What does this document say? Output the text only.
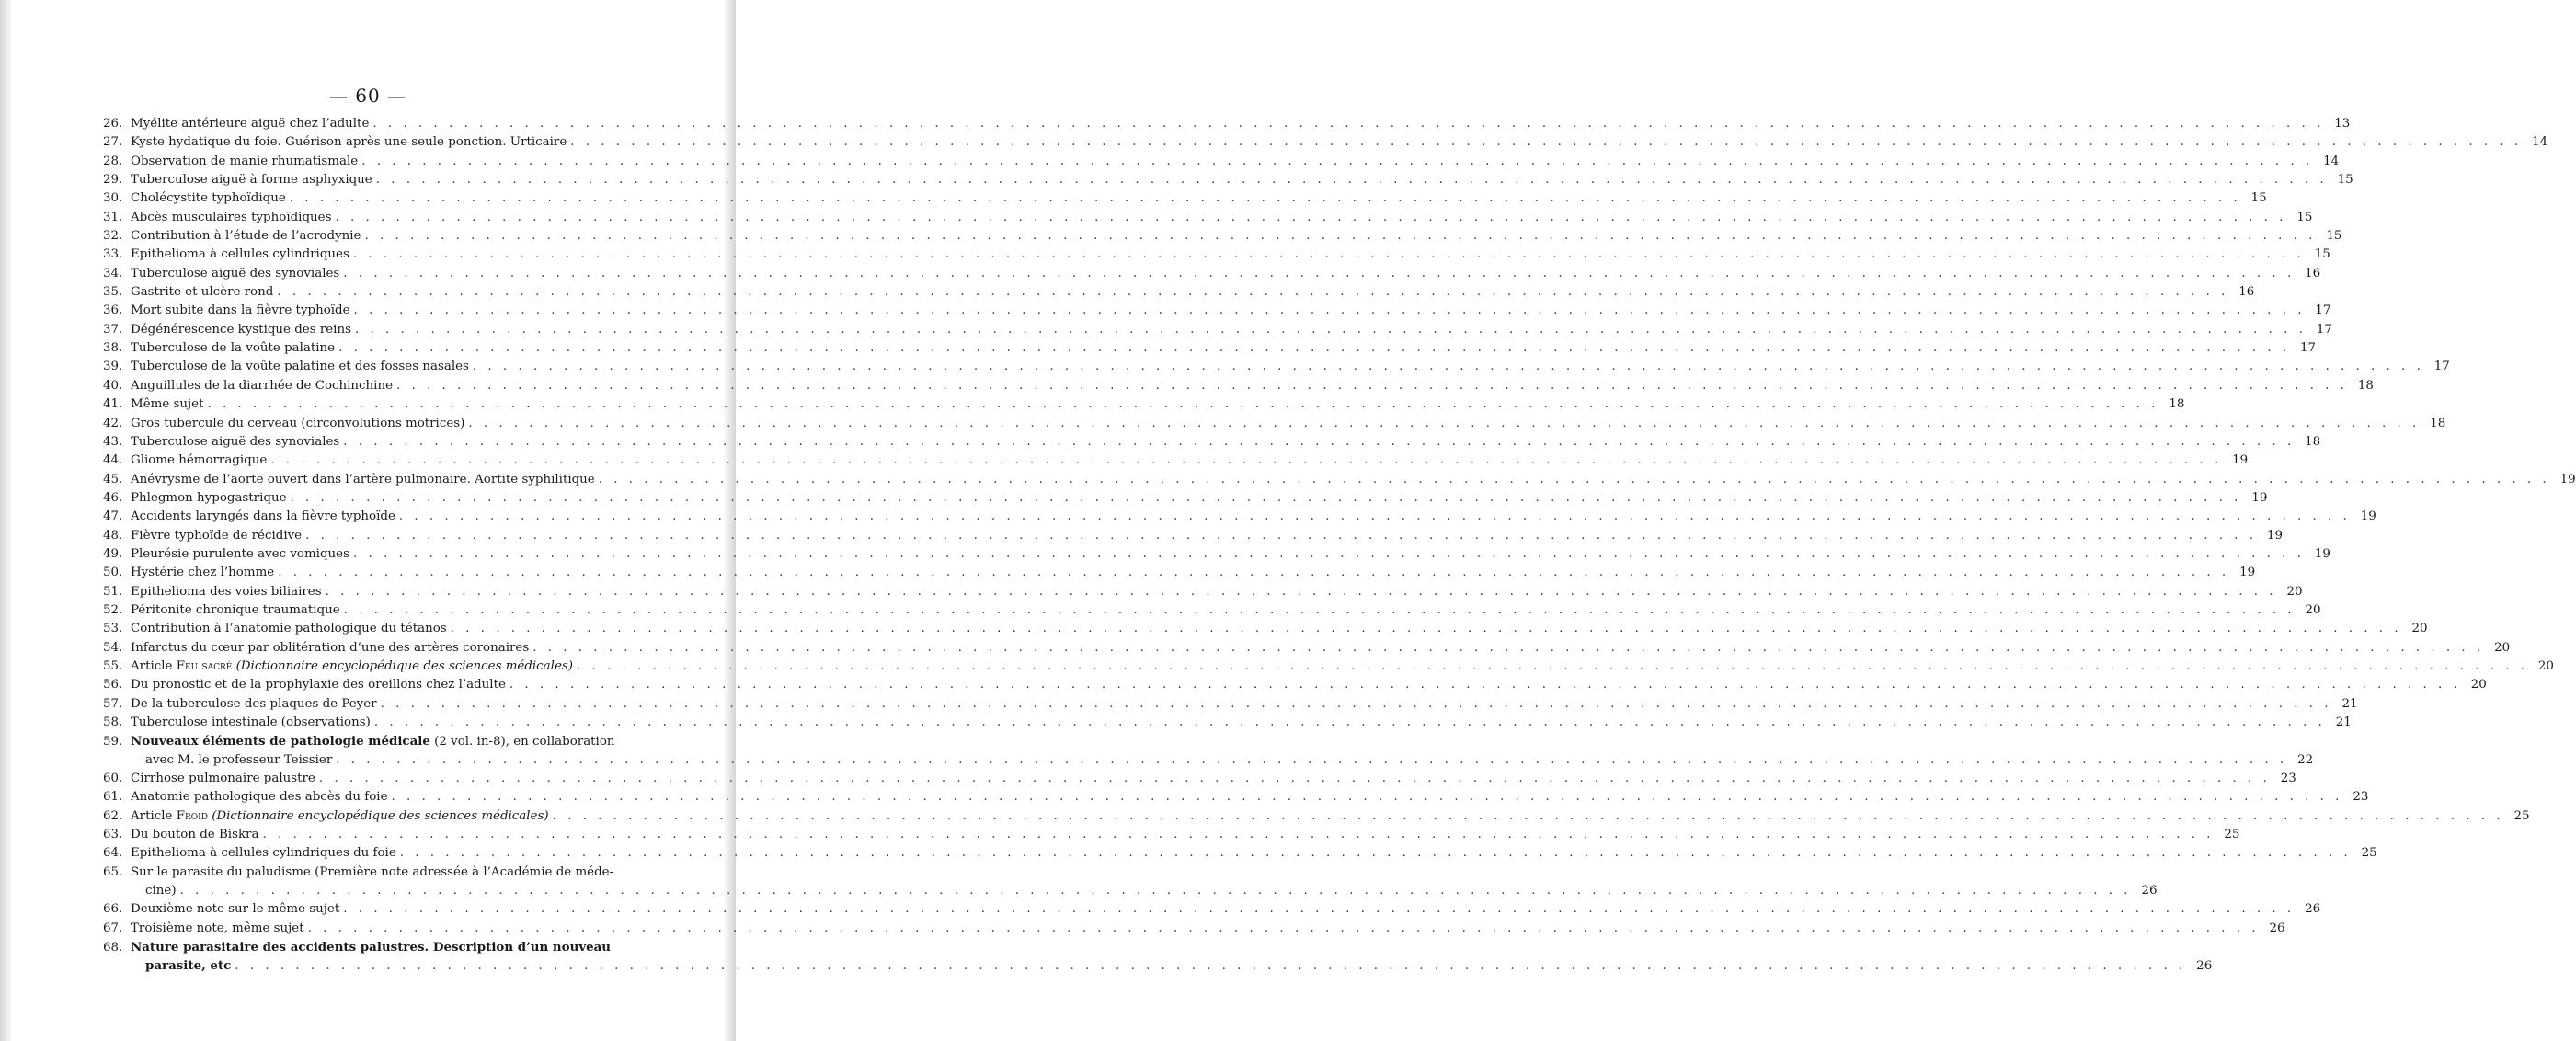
— 60 —
26. Myélite antérieure aiguë chez l’adulte . . .	13
27. Kyste hydatique du foie. Guérison après une seule ponction. Urticaire . . .	14
28. Observation de manie rhumatismale . . .	14
29. Tuberculose aiguë à forme asphyxique . . .	15
30. Cholécystite typhoïdique . . .	15
31. Abcès musculaires typhoïdiques . . .	15
32. Contribution à l’étude de l’acrodynie . . .	15
33. Epithelioma à cellules cylindriques . . .	15
34. Tuberculose aiguë des synoviales . . .	16
35. Gastrite et ulcère rond . . .	16
36. Mort subite dans la fièvre typhoïde . . .	17
37. Dégénérescence kystique des reins . . .	17
38. Tuberculose de la voûte palatine . . .	17
39. Tuberculose de la voûte palatine et des fosses nasales . . .	17
40. Anguillules de la diarrhée de Cochinchine . . .	18
41. Même sujet . . .	18
42. Gros tubercule du cerveau (circonvolutions motrices) . . .	18
43. Tuberculose aiguë des synoviales . . .	18
44. Gliome hémorragique . . .	19
45. Anévrysme de l’aorte ouvert dans l’artère pulmonaire. Aortite syphilitique . . .	19
46. Phlegmon hypogastrique . . .	19
47. Accidents laryngés dans la fièvre typhoïde . . .	19
48. Fièvre typhoïde de récidive . . .	19
49. Pleurésie purulente avec vomiques . . .	19
50. Hystérie chez l’homme . . .	19
51. Epithelioma des voies biliaires . . .	20
52. Péritonite chronique traumatique . . .	20
53. Contribution à l’anatomie pathologique du tétanos . . .	20
54. Infarctus du cœur par oblitération d’une des artères coronaires . . .	20
55. Article Feu sacré (Dictionnaire encyclopédique des sciences médicales) . . .	20
56. Du pronostic et de la prophylaxie des oreillons chez l’adulte . . .	20
57. De la tuberculose des plaques de Peyer . . .	21
58. Tuberculose intestinale (observations) . . .	21
59. Nouveaux éléments de pathologie médicale (2 vol. in-8), en collaboration
avec M. le professeur Teissier . . .	22
60. Cirrhose pulmonaire palustre . . .	23
61. Anatomie pathologique des abcès du foie . . .	23
62. Article Froid (Dictionnaire encyclopédique des sciences médicales) . . .	25
63. Du bouton de Biskra . . .	25
64. Epithelioma à cellules cylindriques du foie . . .	25
65. Sur le parasite du paludisme (Première note adressée à l’Académie de méde-
cine) . . .	26
66. Deuxième note sur le même sujet . . .	26
67. Troisième note, même sujet . . .	26
68. Nature parasitaire des accidents palustres. Description d’un nouveau
parasite, etc . . .	26
